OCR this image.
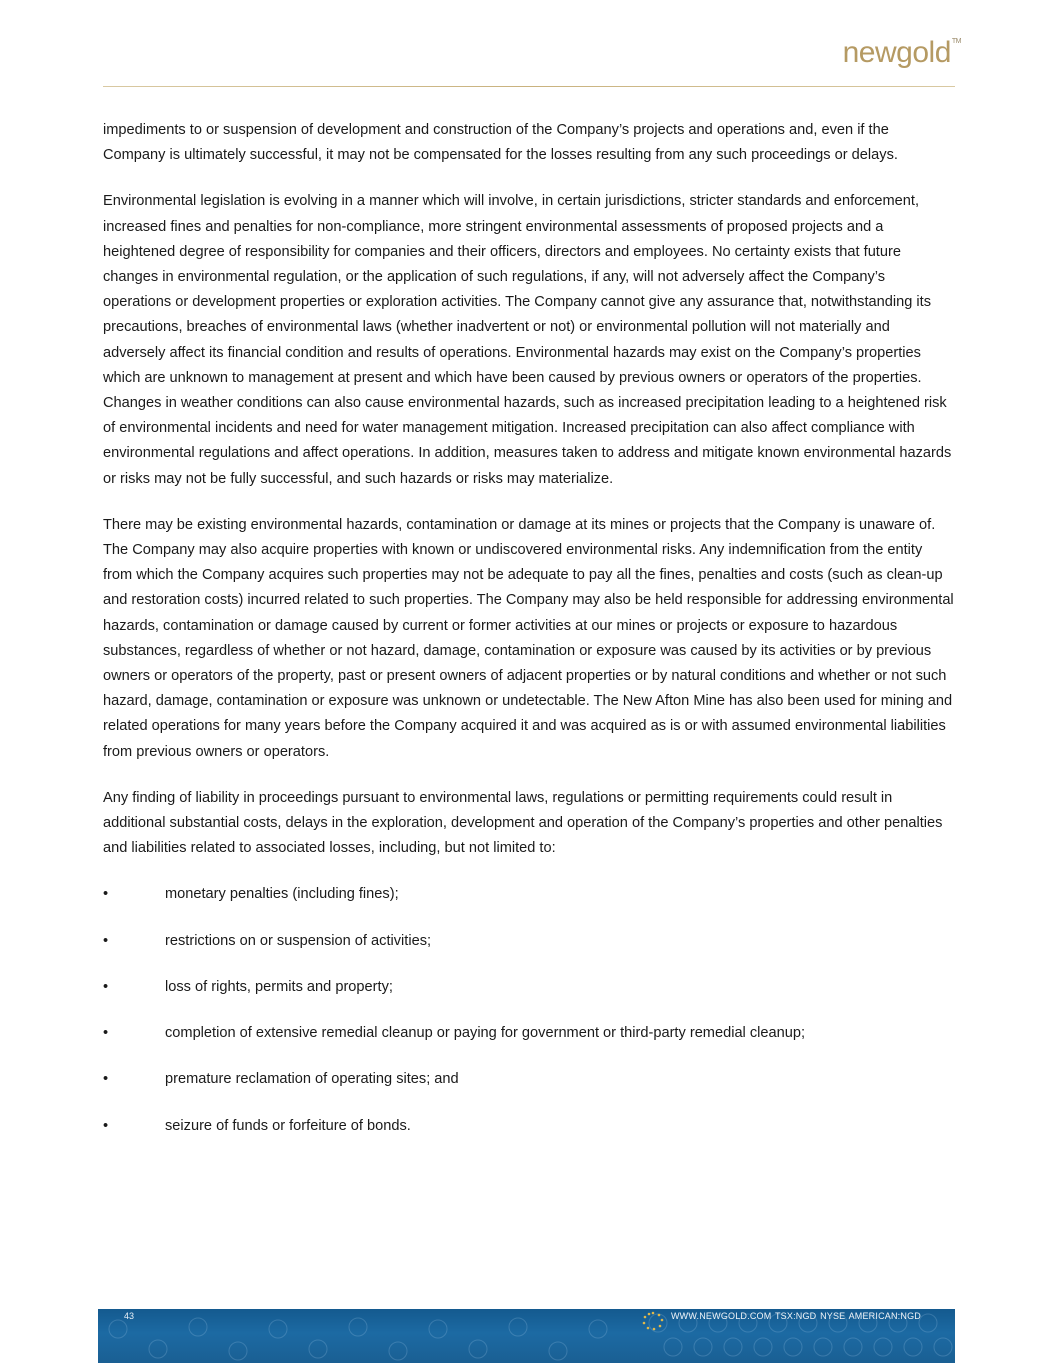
newgold TM

impediments to or suspension of development and construction of the Company’s projects and operations and, even if the Company is ultimately successful, it may not be compensated for the losses resulting from any such proceedings or delays.

Environmental legislation is evolving in a manner which will involve, in certain jurisdictions, stricter standards and enforcement, increased fines and penalties for non-compliance, more stringent environmental assessments of proposed projects and a heightened degree of responsibility for companies and their officers, directors and employees. No certainty exists that future changes in environmental regulation, or the application of such regulations, if any, will not adversely affect the Company’s operations or development properties or exploration activities. The Company cannot give any assurance that, notwithstanding its precautions, breaches of environmental laws (whether inadvertent or not) or environmental pollution will not materially and adversely affect its financial condition and results of operations. Environmental hazards may exist on the Company’s properties which are unknown to management at present and which have been caused by previous owners or operators of the properties. Changes in weather conditions can also cause environmental hazards, such as increased precipitation leading to a heightened risk of environmental incidents and need for water management mitigation. Increased precipitation can also affect compliance with environmental regulations and affect operations. In addition, measures taken to address and mitigate known environmental hazards or risks may not be fully successful, and such hazards or risks may materialize.

There may be existing environmental hazards, contamination or damage at its mines or projects that the Company is unaware of. The Company may also acquire properties with known or undiscovered environmental risks. Any indemnification from the entity from which the Company acquires such properties may not be adequate to pay all the fines, penalties and costs (such as clean-up and restoration costs) incurred related to such properties. The Company may also be held responsible for addressing environmental hazards, contamination or damage caused by current or former activities at our mines or projects or exposure to hazardous substances, regardless of whether or not hazard, damage, contamination or exposure was caused by its activities or by previous owners or operators of the property, past or present owners of adjacent properties or by natural conditions and whether or not such hazard, damage, contamination or exposure was unknown or undetectable. The New Afton Mine has also been used for mining and related operations for many years before the Company acquired it and was acquired as is or with assumed environmental liabilities from previous owners or operators.

Any finding of liability in proceedings pursuant to environmental laws, regulations or permitting requirements could result in additional substantial costs, delays in the exploration, development and operation of the Company’s properties and other penalties and liabilities related to associated losses, including, but not limited to:

•	monetary penalties (including fines);
•	restrictions on or suspension of activities;
•	loss of rights, permits and property;
•	completion of extensive remedial cleanup or paying for government or third-party remedial cleanup;
•	premature reclamation of operating sites; and
•	seizure of funds or forfeiture of bonds.
43	WWW.NEWGOLD.COM TSX:NGD NYSE AMERICAN:NGD
